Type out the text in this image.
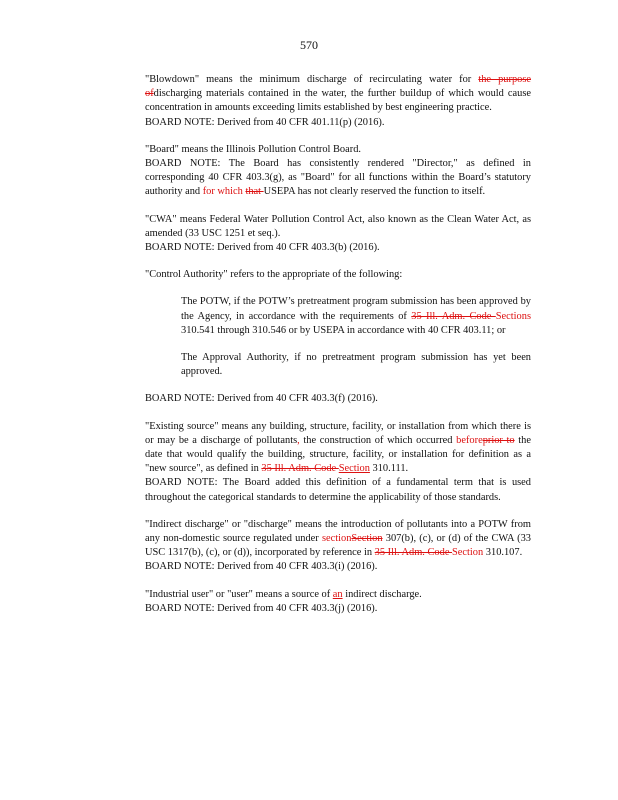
570

"Blowdown" means the minimum discharge of recirculating water for the purpose ofdischarging materials contained in the water, the further buildup of which would cause concentration in amounts exceeding limits established by best engineering practice.

BOARD NOTE: Derived from 40 CFR 401.11(p) (2016).

"Board" means the Illinois Pollution Control Board.

BOARD NOTE: The Board has consistently rendered "Director," as defined in corresponding 40 CFR 403.3(g), as "Board" for all functions within the Board’s statutory authority and for which that USEPA has not clearly reserved the function to itself.

"CWA" means Federal Water Pollution Control Act, also known as the Clean Water Act, as amended (33 USC 1251 et seq.).

BOARD NOTE: Derived from 40 CFR 403.3(b) (2016).

"Control Authority" refers to the appropriate of the following:

The POTW, if the POTW’s pretreatment program submission has been approved by the Agency, in accordance with the requirements of 35 Ill. Adm. Code Sections 310.541 through 310.546 or by USEPA in accordance with 40 CFR 403.11; or

The Approval Authority, if no pretreatment program submission has yet been approved.

BOARD NOTE: Derived from 40 CFR 403.3(f) (2016).

"Existing source" means any building, structure, facility, or installation from which there is or may be a discharge of pollutants, the construction of which occurred beforeprior to the date that would qualify the building, structure, facility, or installation for definition as a "new source", as defined in 35 Ill. Adm. Code Section 310.111.

BOARD NOTE: The Board added this definition of a fundamental term that is used throughout the categorical standards to determine the applicability of those standards.

"Indirect discharge" or "discharge" means the introduction of pollutants into a POTW from any non-domestic source regulated under sectionSection 307(b), (c), or (d) of the CWA (33 USC 1317(b), (c), or (d)), incorporated by reference in 35 Ill. Adm. Code Section 310.107.

BOARD NOTE: Derived from 40 CFR 403.3(i) (2016).

"Industrial user" or "user" means a source of an indirect discharge.

BOARD NOTE: Derived from 40 CFR 403.3(j) (2016).
